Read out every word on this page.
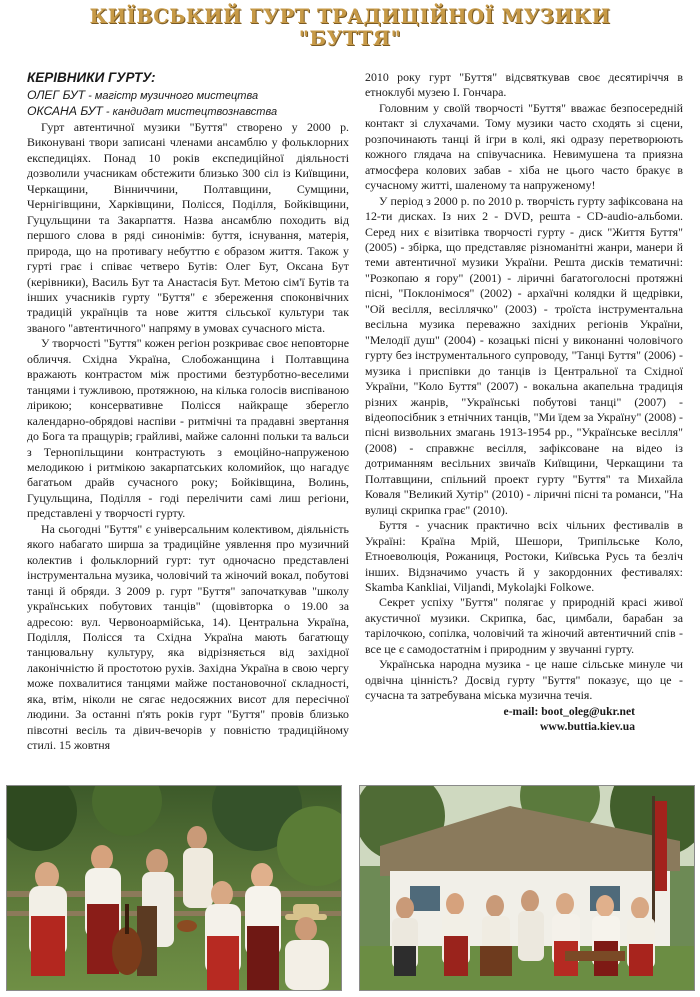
КИЇВСЬКИЙ ГУРТ ТРАДИЦІЙНОЇ МУЗИКИ
"БУТТЯ"
КЕРІВНИКИ ГУРТУ:

ОЛЕГ БУТ - магістр музичного мистецтва

ОКСАНА БУТ - кандидат мистецтвознавства

Гурт автентичної музики "Буття" створено у 2000 р. Виконувані твори записані членами ансамблю у фольклорних експедиціях. Понад 10 років експедиційної діяльності дозволили учасникам обстежити близько 300 сіл із Київщини, Черкащини, Вінниччини, Полтавщини, Сумщини, Чернігівщини, Харківщини, Полісся, Поділля, Бойківщини, Гуцульщини та Закарпаття. Назва ансамблю походить від першого слова в ряді синонімів: буття, існування, матерія, природа, що на противагу небуттю є образом життя. Також у гурті грає і співає четверо Бутів: Олег Бут, Оксана Бут (керівники), Василь Бут та Анастасія Бут. Метою сім'ї Бутів та інших учасників гурту "Буття" є збереження споконвічних традицій українців та нове життя сільської культури так званого "автентичного" напряму в умовах сучасного міста.

У творчості "Буття" кожен регіон розкриває своє неповторне обличчя. Східна Україна, Слобожанщина і Полтавщина вражають контрастом між простими безтурботно-веселими танцями і тужливою, протяжною, на кілька голосів виспіваною лірикою; консервативне Полісся найкраще зберегло календарно-обрядові наспіви - ритмічні та прадавні звертання до Бога та пращурів; грайливі, майже салонні польки та вальси з Тернопільщини контрастують з емоційно-напруженою мелодикою і ритмікою закарпатських коломийок, що нагадує багатьом драйв сучасного року; Бойківщина, Волинь, Гуцульщина, Поділля - годі перелічити самі лиш регіони, представлені у творчості гурту.

На сьогодні "Буття" є універсальним колективом, діяльність якого набагато ширша за традиційне уявлення про музичний колектив і фольклорний гурт: тут одночасно представлені інструментальна музика, чоловічий та жіночий вокал, побутові танці й обряди. З 2009 р. гурт "Буття" започаткував "школу українських побутових танців" (щовівторка о 19.00 за адресою: вул. Червоноармійська, 14). Центральна Україна, Поділля, Полісся та Східна Україна мають багатющу танцювальну культуру, яка відрізняється від західної лаконічністю й простотою рухів. Західна Україна в свою чергу може похвалитися танцями майже постановочної складності, яка, втім, ніколи не сягає недосяжних висот для пересічної людини. За останні п'ять років гурт "Буття" провів близько півсотні весіль та дівич-вечорів у повністю традиційному стилі. 15 жовтня

2010 року гурт "Буття" відсвяткував своє десятиріччя в етноклубі музею І. Гончара.

Головним у своїй творчості "Буття" вважає безпосередній контакт зі слухачами. Тому музики часто сходять зі сцени, розпочинають танці й ігри в колі, які одразу перетворюють кожного глядача на співучасника. Невимушена та приязна атмосфера колових забав - хіба не цього часто бракує в сучасному житті, шаленому та напруженому!

У період з 2000 р. по 2010 р. творчість гурту зафіксована на 12-ти дисках. Із них 2 - DVD, решта - CD-audio-альбоми. Серед них є візитівка творчості гурту - диск "Життя Буття" (2005) - збірка, що представляє різноманітні жанри, манери й теми автентичної музики України. Решта дисків тематичні: "Розкопаю я гору" (2001) - ліричні багатоголосні протяжні пісні, "Поклонімося" (2002) - архаїчні колядки й щедрівки, "Ой весілля, весіллячко" (2003) - троїста інструментальна весільна музика переважно західних регіонів України, "Мелодії душ" (2004) - козацькі пісні у виконанні чоловічого гурту без інструментального супроводу, "Танці Буття" (2006) - музика і приспівки до танців із Центральної та Східної України, "Коло Буття" (2007) - вокальна акапельна традиція різних жанрів, "Українські побутові танці" (2007) - відеопосібник з етнічних танців, "Ми їдем за Україну" (2008) - пісні визвольних змагань 1913-1954 рр., "Українське весілля" (2008) - справжнє весілля, зафіксоване на відео із дотриманням весільних звичаїв Київщини, Черкащини та Полтавщини, спільний проект гурту "Буття" та Михайла Коваля "Великий Хутір" (2010) - ліричні пісні та романси, "На вулиці скрипка грає" (2010).

Буття - учасник практично всіх чільних фестивалів в Україні: Країна Мрій, Шешори, Трипільське Коло, Етноеволюція, Рожаниця, Ростоки, Київська Русь та безліч інших. Відзначимо участь й у закордонних фестивалях: Skamba Kankliai, Viljandi, Mykolajki Folkowe.

Секрет успіху "Буття" полягає у природній красі живої акустичної музики. Скрипка, бас, цимбали, барабан за тарілочкою, сопілка, чоловічий та жіночий автентичний спів - все це є самодостатнім і природним у звучанні гурту.

Українська народна музика - це наше сільське минуле чи одвічна цінність? Досвід гурту "Буття" показує, що це - сучасна та затребувана міська музична течія.

e-mail: boot_oleg@ukr.net
www.buttia.kiev.ua
